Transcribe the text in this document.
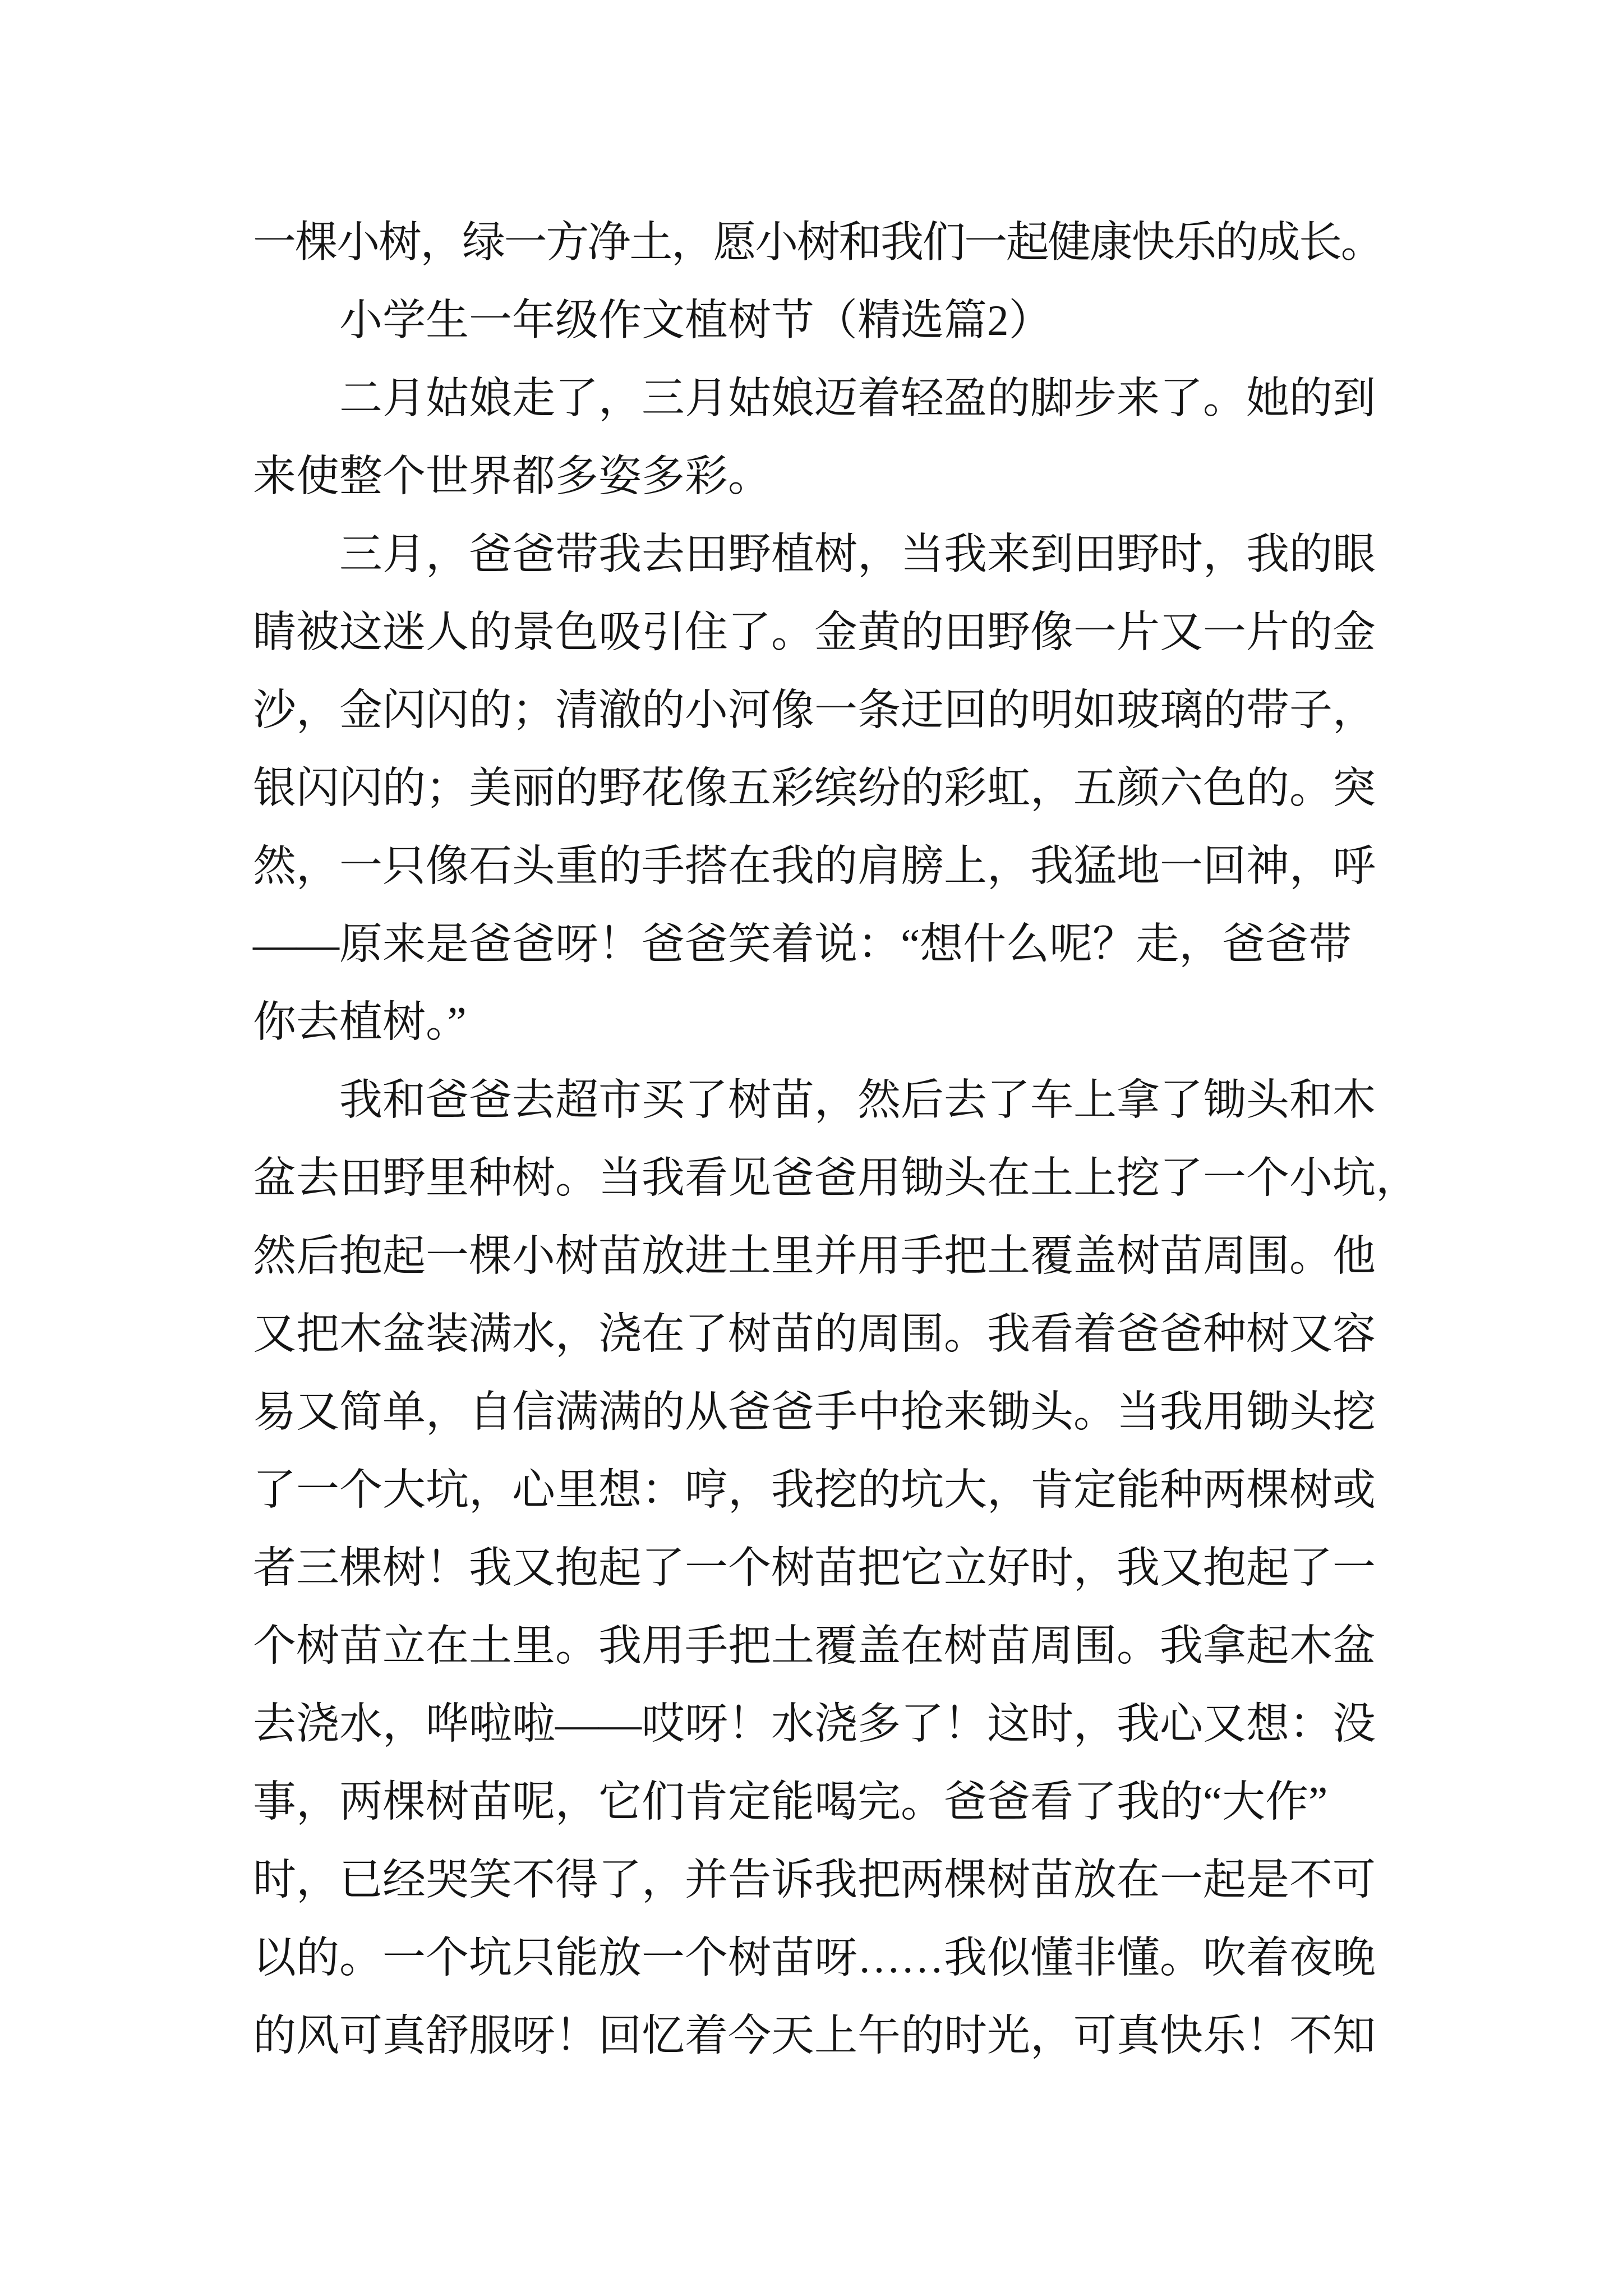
一棵小树，绿一方净土，愿小树和我们一起健康快乐的成长。
小学生一年级作文植树节（精选篇2）
二月姑娘走了，三月姑娘迈着轻盈的脚步来了。她的到
来使整个世界都多姿多彩。
三月，爸爸带我去田野植树，当我来到田野时，我的眼
睛被这迷人的景色吸引住了。金黄的田野像一片又一片的金
沙，金闪闪的；清澈的小河像一条迂回的明如玻璃的带子，
银闪闪的；美丽的野花像五彩缤纷的彩虹，五颜六色的。突
然，一只像石头重的手搭在我的肩膀上，我猛地一回神，呼
——原来是爸爸呀！爸爸笑着说：“想什么呢？走，爸爸带
你去植树。”
我和爸爸去超市买了树苗，然后去了车上拿了锄头和木
盆去田野里种树。当我看见爸爸用锄头在土上挖了一个小坑，
然后抱起一棵小树苗放进土里并用手把土覆盖树苗周围。他
又把木盆装满水，浇在了树苗的周围。我看着爸爸种树又容
易又简单，自信满满的从爸爸手中抢来锄头。当我用锄头挖
了一个大坑，心里想：哼，我挖的坑大，肯定能种两棵树或
者三棵树！我又抱起了一个树苗把它立好时，我又抱起了一
个树苗立在土里。我用手把土覆盖在树苗周围。我拿起木盆
去浇水，哗啦啦——哎呀！水浇多了！这时，我心又想：没
事，两棵树苗呢，它们肯定能喝完。爸爸看了我的“大作”
时，已经哭笑不得了，并告诉我把两棵树苗放在一起是不可
以的。一个坑只能放一个树苗呀……我似懂非懂。吹着夜晚
的风可真舒服呀！回忆着今天上午的时光，可真快乐！不知
